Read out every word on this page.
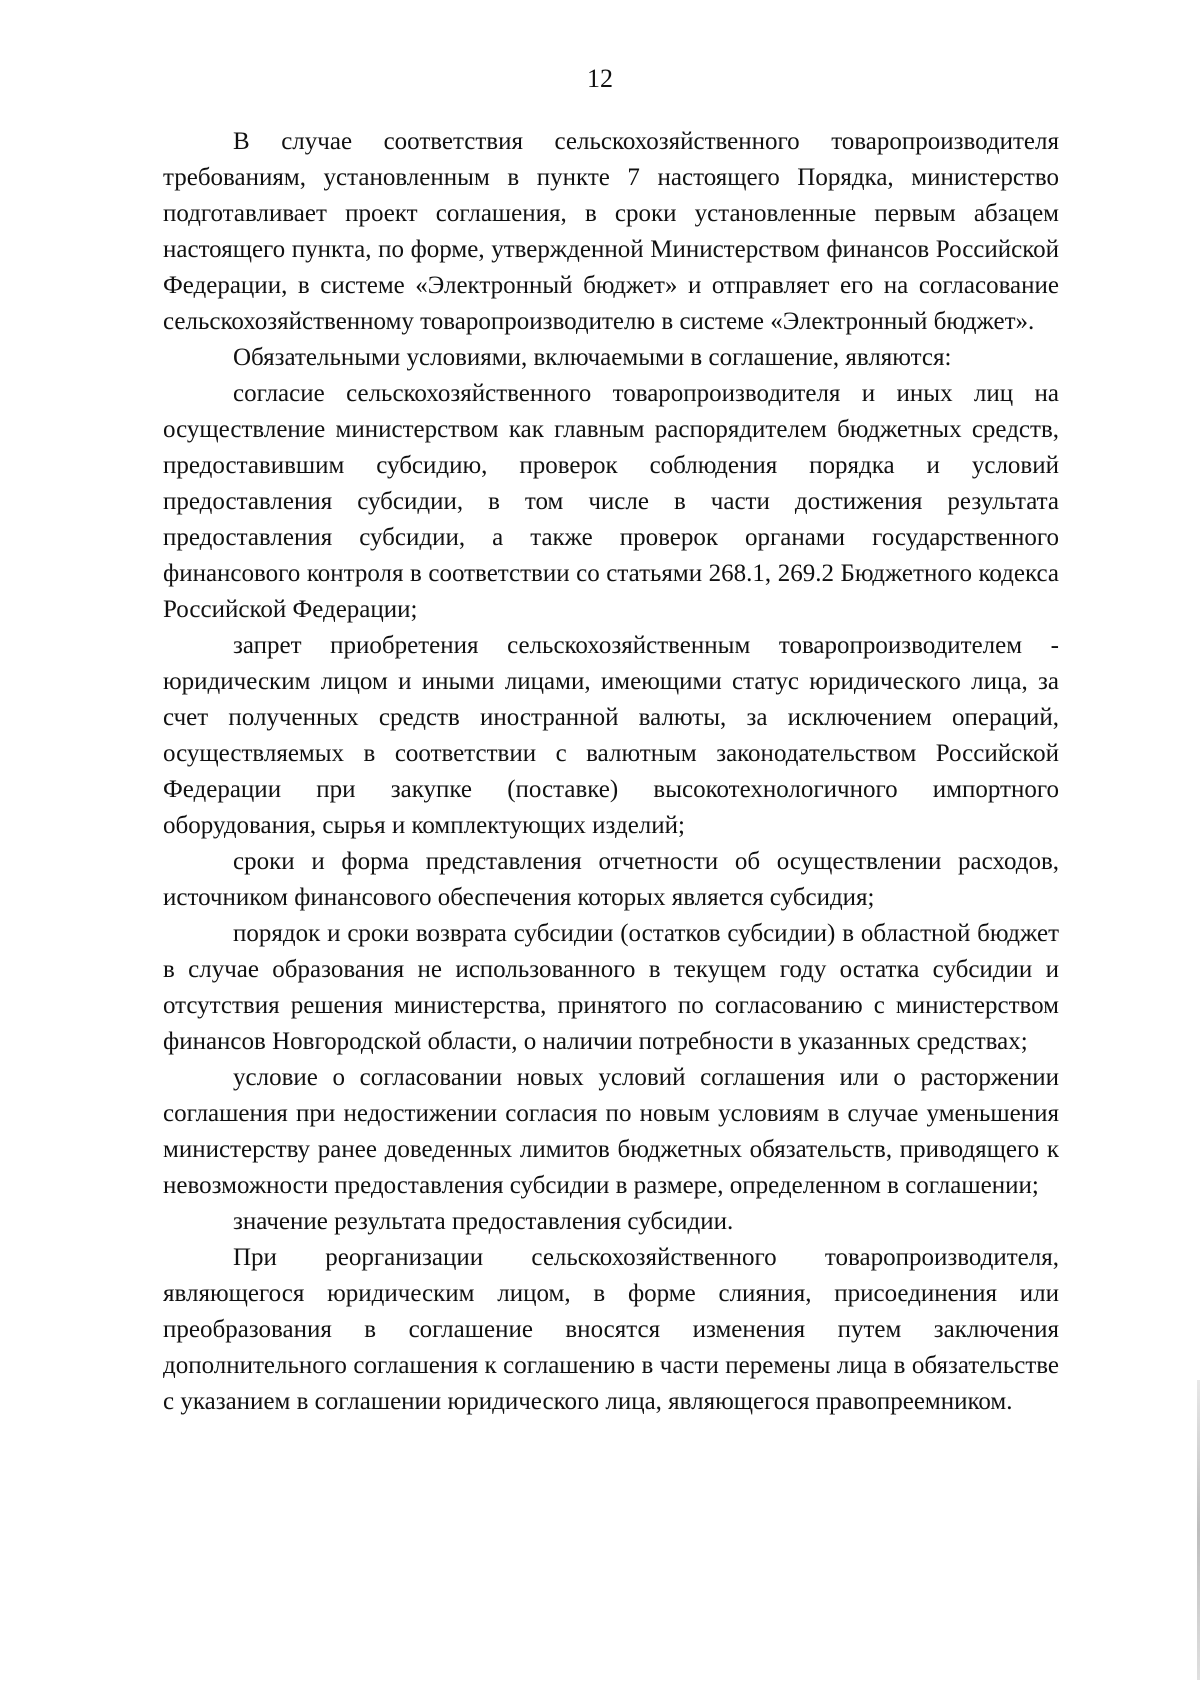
12

В случае соответствия сельскохозяйственного товаропроизводителя требованиям, установленным в пункте 7 настоящего Порядка, министерство подготавливает проект соглашения, в сроки установленные первым абзацем настоящего пункта, по форме, утвержденной Министерством финансов Российской Федерации, в системе «Электронный бюджет» и отправляет его на согласование сельскохозяйственному товаропроизводителю в системе «Электронный бюджет».

Обязательными условиями, включаемыми в соглашение, являются:

согласие сельскохозяйственного товаропроизводителя и иных лиц на осуществление министерством как главным распорядителем бюджетных средств, предоставившим субсидию, проверок соблюдения порядка и условий предоставления субсидии, в том числе в части достижения результата предоставления субсидии, а также проверок органами государственного финансового контроля в соответствии со статьями 268.1, 269.2 Бюджетного кодекса Российской Федерации;

запрет приобретения сельскохозяйственным товаропроизводителем - юридическим лицом и иными лицами, имеющими статус юридического лица, за счет полученных средств иностранной валюты, за исключением операций, осуществляемых в соответствии с валютным законодательством Российской Федерации при закупке (поставке) высокотехнологичного импортного оборудования, сырья и комплектующих изделий;

сроки и форма представления отчетности об осуществлении расходов, источником финансового обеспечения которых является субсидия;

порядок и сроки возврата субсидии (остатков субсидии) в областной бюджет в случае образования не использованного в текущем году остатка субсидии и отсутствия решения министерства, принятого по согласованию с министерством финансов Новгородской области, о наличии потребности в указанных средствах;

условие о согласовании новых условий соглашения или о расторжении соглашения при недостижении согласия по новым условиям в случае уменьшения министерству ранее доведенных лимитов бюджетных обязательств, приводящего к невозможности предоставления субсидии в размере, определенном в соглашении;

значение результата предоставления субсидии.

При реорганизации сельскохозяйственного товаропроизводителя, являющегося юридическим лицом, в форме слияния, присоединения или преобразования в соглашение вносятся изменения путем заключения дополнительного соглашения к соглашению в части перемены лица в обязательстве с указанием в соглашении юридического лица, являющегося правопреемником.
